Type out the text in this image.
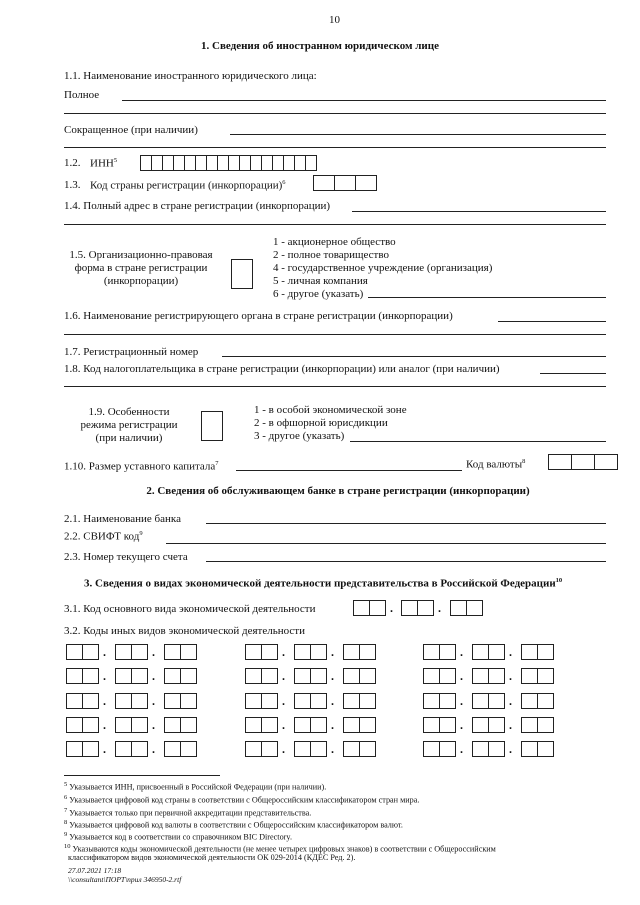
10
1. Сведения об иностранном юридическом лице
1.1. Наименование иностранного юридического лица:
Полное
Сокращенное (при наличии)
1.2. ИНН$^5$
1.3. Код страны регистрации (инкорпорации)$^6$
1.4. Полный адрес в стране регистрации (инкорпорации)
1.5. Организационно-правовая
форма в стране регистрации
(инкорпорации)
1 - акционерное общество
2 - полное товарищество
4 - государственное учреждение (организация)
5 - личная компания
6 - другое (указать)
1.6. Наименование регистрирующего органа в стране регистрации (инкорпорации)
1.7. Регистрационный номер
1.8. Код налогоплательщика в стране регистрации (инкорпорации) или аналог (при наличии)
1.9. Особенности
режима регистрации
(при наличии)
1 - в особой экономической зоне
2 - в офшорной юрисдикции
3 - другое (указать)
1.10. Размер уставного капитала$^7$	Код валюты$^8$
2. Сведения об обслуживающем банке в стране регистрации (инкорпорации)
2.1. Наименование банка
2.2. СВИФТ код$^9$
2.3. Номер текущего счета
3. Сведения о видах экономической деятельности представительства в Российской Федерации$^{10}$
3.1. Код основного вида экономической деятельности	.	.
3.2. Коды иных видов экономической деятельности
.	.	.	.	.	.
.	.	.	.	.	.
.	.	.	.	.	.
.	.	.	.	.	.
.	.	.	.	.	.
$^5$ Указывается ИНН, присвоенный в Российской Федерации (при наличии).
$^6$ Указывается цифровой код страны в соответствии с Общероссийским классификатором стран мира.
$^7$ Указывается только при первичной аккредитации представительства.
$^8$ Указывается цифровой код валюты в соответствии с Общероссийским классификатором валют.
$^9$ Указывается код в соответствии со справочником BIC Directory.
$^{10}$ Указываются коды экономической деятельности (не менее четырех цифровых знаков) в соответствии с Общероссийским
классификатором видов экономической деятельности ОК 029-2014 (КДЕС Ред. 2).
27.07.2021 17:18
\\consultant\ПОРТ\прил 346950-2.rtf
